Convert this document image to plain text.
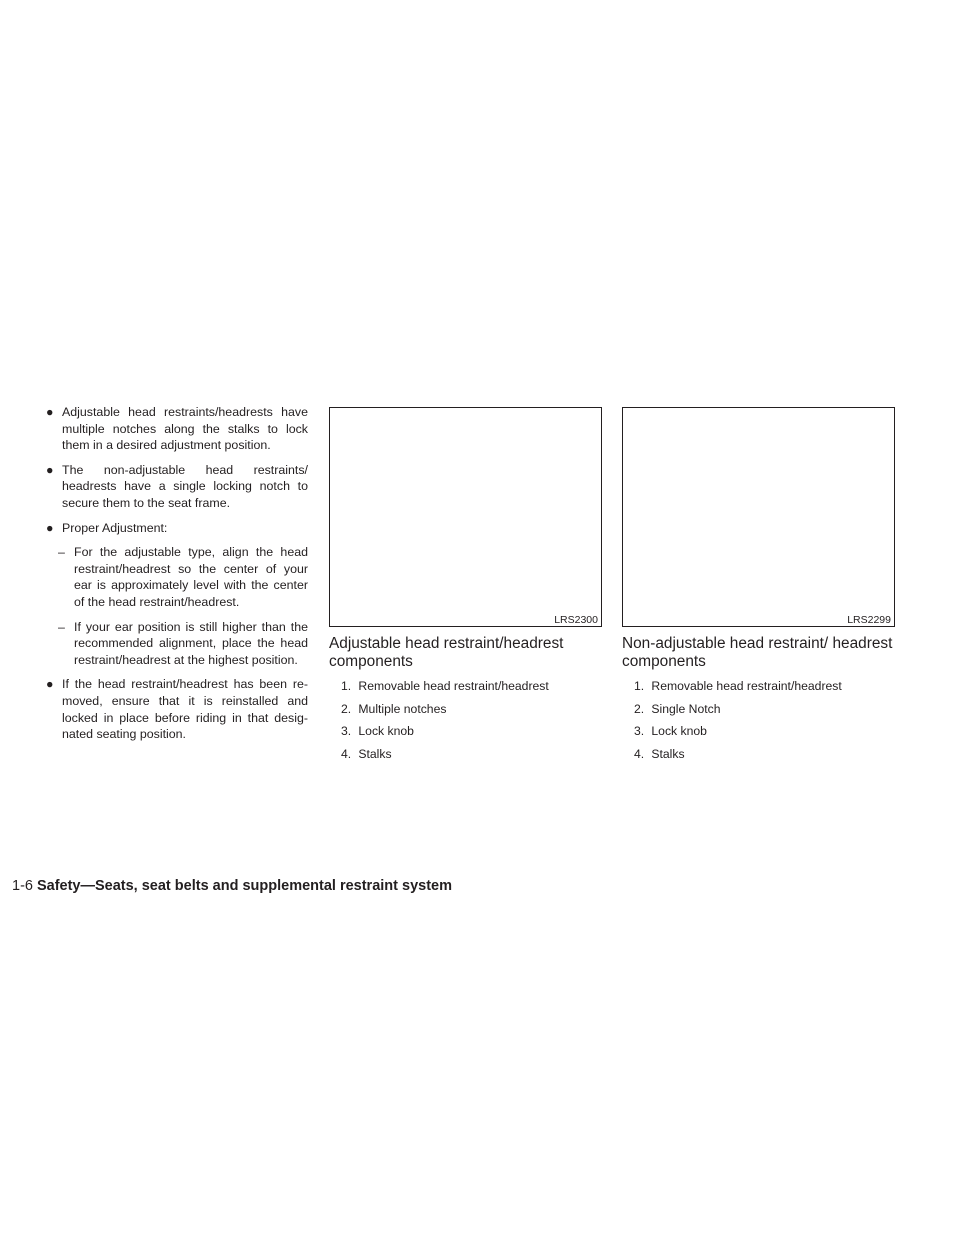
● Adjustable head restraints/headrests have multiple notches along the stalks to lock them in a desired adjustment position.
● The non-adjustable head restraints/ headrests have a single locking notch to secure them to the seat frame.
● Proper Adjustment:
– For the adjustable type, align the head restraint/headrest so the center of your ear is approximately level with the center of the head restraint/headrest.
– If your ear position is still higher than the recommended alignment, place the head restraint/headrest at the highest position.
● If the head restraint/headrest has been re-moved, ensure that it is reinstalled and locked in place before riding in that desig-nated seating position.
LRS2300	LRS2299
Adjustable head restraint/headrest components
1. Removable head restraint/headrest
2. Multiple notches
3. Lock knob
4. Stalks
Non-adjustable head restraint/ headrest components
1. Removable head restraint/headrest
2. Single Notch
3. Lock knob
4. Stalks
1-6 Safety—Seats, seat belts and supplemental restraint system
